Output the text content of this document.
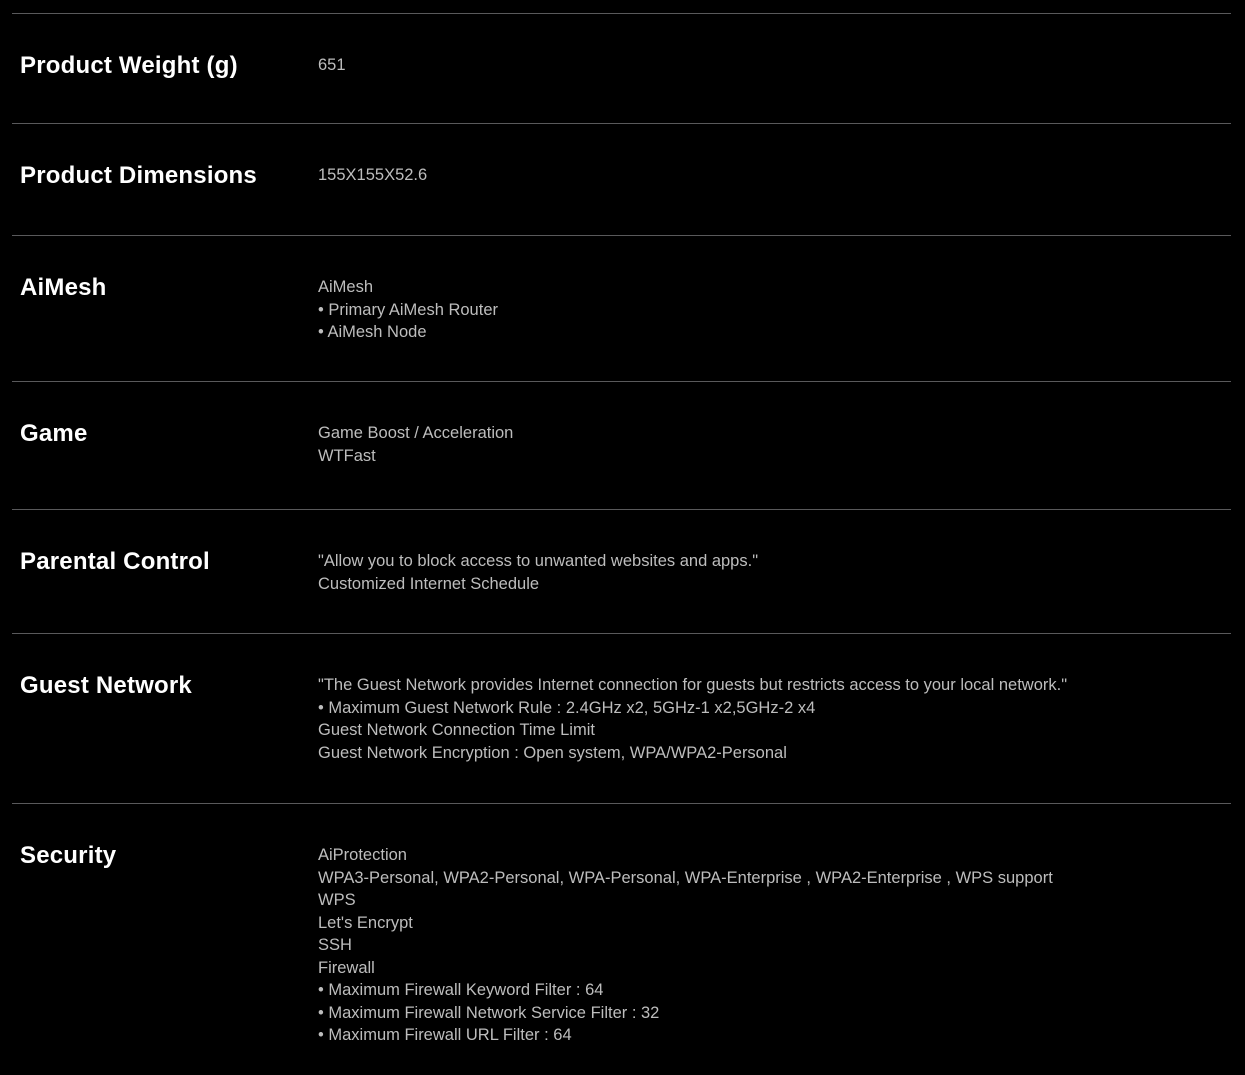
Product Weight (g)	651
Product Dimensions	155X155X52.6
AiMesh	AiMesh
• Primary AiMesh Router
• AiMesh Node
Game	Game Boost / Acceleration
WTFast
Parental Control	"Allow you to block access to unwanted websites and apps."
Customized Internet Schedule
Guest Network	"The Guest Network provides Internet connection for guests but restricts access to your local network."
• Maximum Guest Network Rule : 2.4GHz x2, 5GHz-1 x2,5GHz-2 x4
Guest Network Connection Time Limit
Guest Network Encryption : Open system, WPA/WPA2-Personal
Security	AiProtection
WPA3-Personal, WPA2-Personal, WPA-Personal, WPA-Enterprise , WPA2-Enterprise , WPS support
WPS
Let's Encrypt
SSH
Firewall
• Maximum Firewall Keyword Filter : 64
• Maximum Firewall Network Service Filter : 32
• Maximum Firewall URL Filter : 64
